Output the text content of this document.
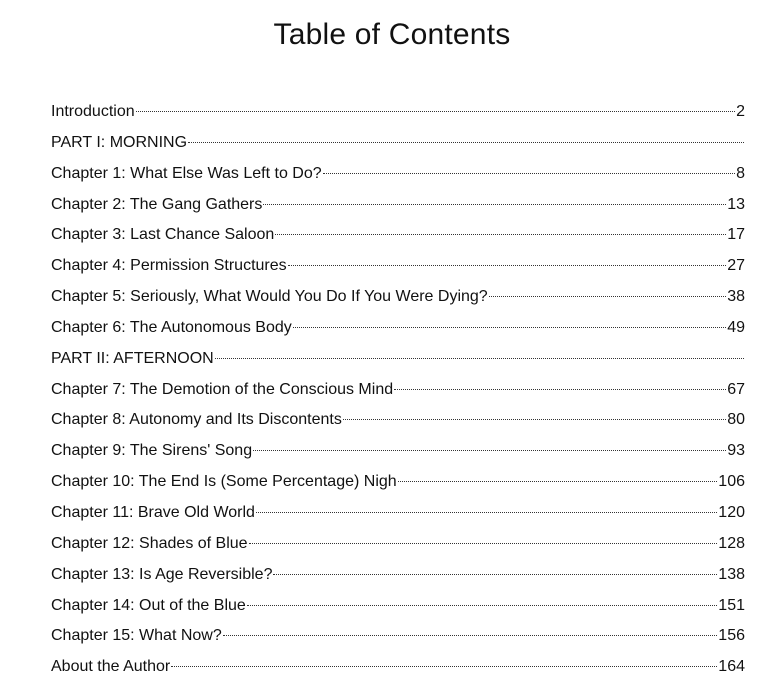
Table of Contents
Introduction	2
PART I: MORNING
Chapter 1: What Else Was Left to Do?	8
Chapter 2: The Gang Gathers	13
Chapter 3: Last Chance Saloon	17
Chapter 4: Permission Structures	27
Chapter 5: Seriously, What Would You Do If You Were Dying?	38
Chapter 6: The Autonomous Body	49
PART II: AFTERNOON
Chapter 7: The Demotion of the Conscious Mind	67
Chapter 8: Autonomy and Its Discontents	80
Chapter 9: The Sirens' Song	93
Chapter 10: The End Is (Some Percentage) Nigh	106
Chapter 11: Brave Old World	120
Chapter 12: Shades of Blue	128
Chapter 13: Is Age Reversible?	138
Chapter 14: Out of the Blue	151
Chapter 15: What Now?	156
About the Author	164
